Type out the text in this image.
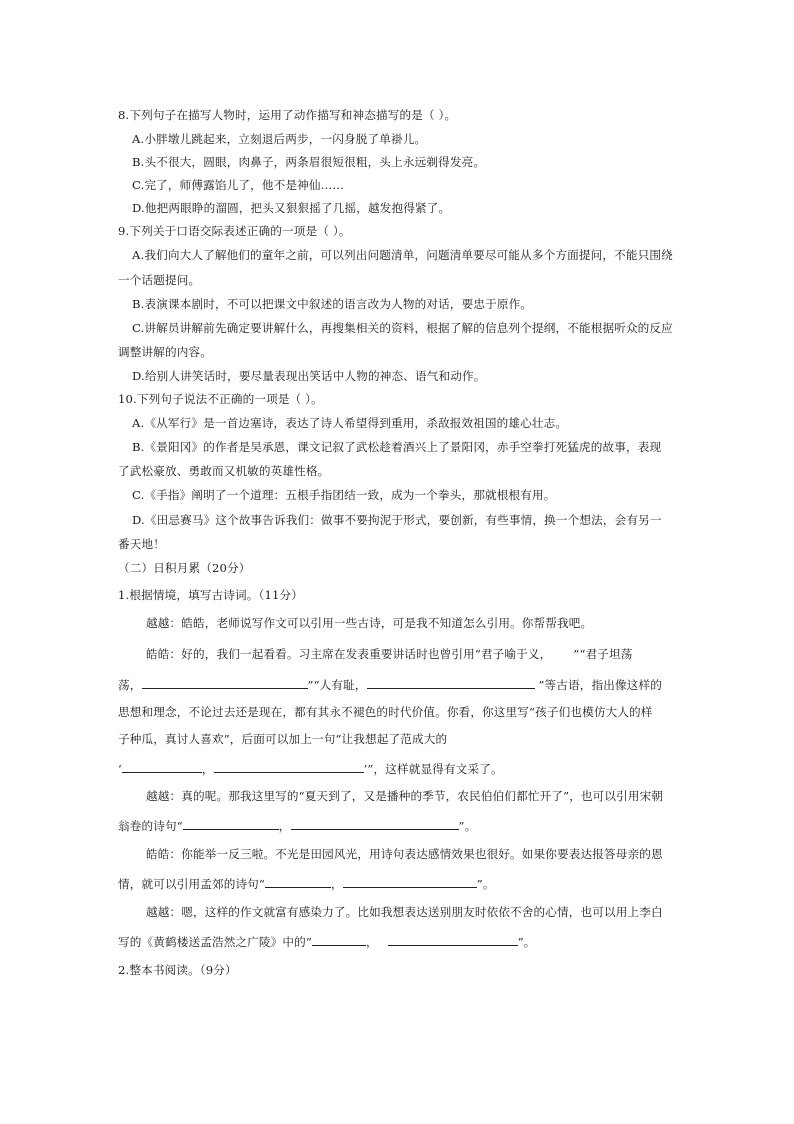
8.下列句子在描写人物时，运用了动作描写和神态描写的是（ ）。
A.小胖墩儿跳起来，立刻退后两步，一闪身脱了单褂儿。
B.头不很大，圆眼，肉鼻子，两条眉很短很粗，头上永远剃得发亮。
C.完了，师傅露馅儿了，他不是神仙……
D.他把两眼睁的溜圆，把头又狠狠摇了几摇，越发抱得紧了。
9.下列关于口语交际表述正确的一项是（ ）。
A.我们向大人了解他们的童年之前，可以列出问题清单，问题清单要尽可能从多个方面提问，不能只围绕
一个话题提问。
B.表演课本剧时，不可以把课文中叙述的语言改为人物的对话，要忠于原作。
C.讲解员讲解前先确定要讲解什么，再搜集相关的资料，根据了解的信息列个提纲，不能根据听众的反应
调整讲解的内容。
D.给别人讲笑话时，要尽量表现出笑话中人物的神态、语气和动作。
10.下列句子说法不正确的一项是（ ）。
A.《从军行》是一首边塞诗，表达了诗人希望得到重用，杀敌报效祖国的雄心壮志。
B.《景阳冈》的作者是吴承恩，课文记叙了武松趁着酒兴上了景阳冈，赤手空拳打死猛虎的故事，表现
了武松豪放、勇敢而又机敏的英雄性格。
C.《手指》阐明了一个道理：五根手指团结一致，成为一个拳头，那就根根有用。
D.《田忌赛马》这个故事告诉我们：做事不要拘泥于形式，要创新，有些事情，换一个想法，会有另一
番天地！
（二）日积月累（20分）
1.根据情境，填写古诗词。（11分）
越越：皓皓，老师说写作文可以引用一些古诗，可是我不知道怎么引用。你帮帮我吧。
皓皓：好的，我们一起看看。习主席在发表重要讲话时也曾引用“君子喻于义， ”“君子坦荡
荡，	”“人有耻，	”等古语，指出像这样的
思想和理念，不论过去还是现在，都有其永不褪色的时代价值。你看，你这里写“孩子们也模仿大人的样
子种瓜，真讨人喜欢”，后面可以加上一句“让我想起了范成大的
‘	，	’”，这样就显得有文采了。
越越：真的呢。那我这里写的“夏天到了，又是播种的季节，农民伯伯们都忙开了”，也可以引用宋朝
翁卷的诗句“	，	”。
皓皓：你能举一反三啦。不光是田园风光，用诗句表达感情效果也很好。如果你要表达报答母亲的恩
情，就可以引用孟郊的诗句“	，	”。
越越：嗯，这样的作文就富有感染力了。比如我想表达送别朋友时依依不舍的心情，也可以用上李白
写的《黄鹤楼送孟浩然之广陵》中的“	，	”。
2.整本书阅读。（9分）
